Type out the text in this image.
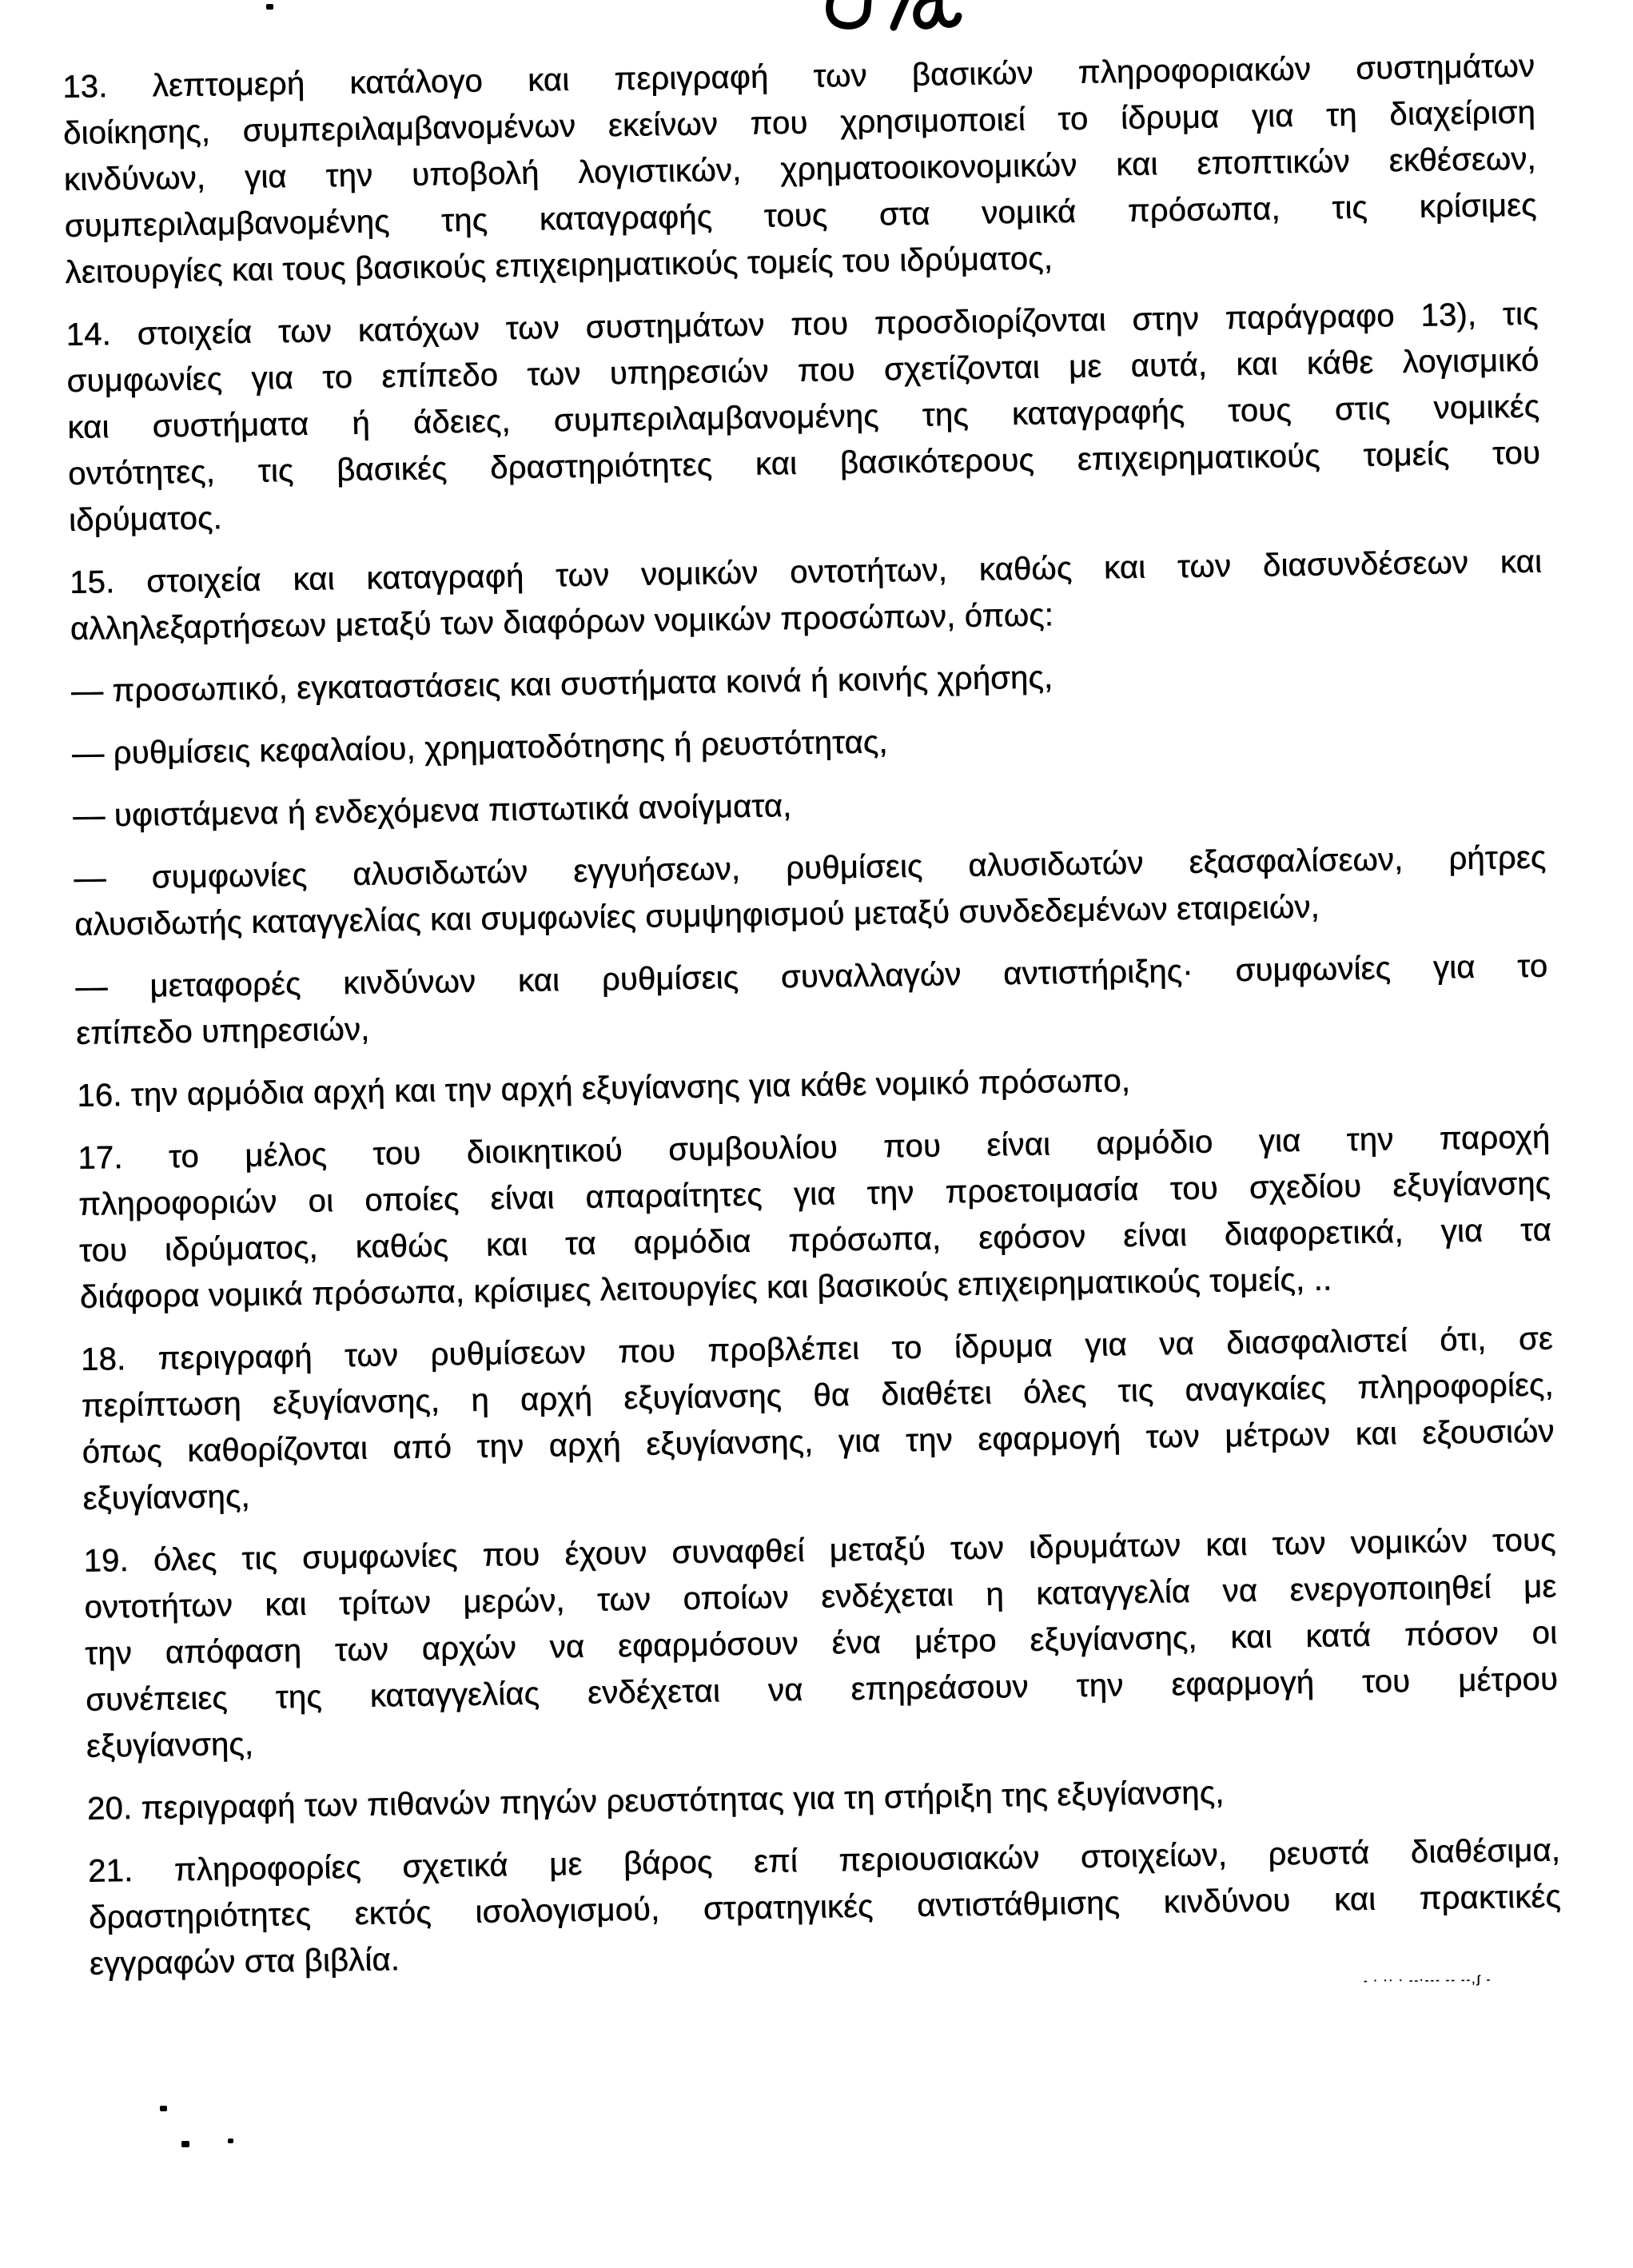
- · ·· · --·--- -- --,ʃ -
13. λεπτομερή κατάλογο και περιγραφή των βασικών πληροφοριακών συστημάτων
διοίκησης, συμπεριλαμβανομένων εκείνων που χρησιμοποιεί το ίδρυμα για τη διαχείριση
κινδύνων, για την υποβολή λογιστικών, χρηματοοικονομικών και εποπτικών εκθέσεων,
συμπεριλαμβανομένης της καταγραφής τους στα νομικά πρόσωπα, τις κρίσιμες
λειτουργίες και τους βασικούς επιχειρηματικούς τομείς του ιδρύματος,
14. στοιχεία των κατόχων των συστημάτων που προσδιορίζονται στην παράγραφο 13), τις
συμφωνίες για το επίπεδο των υπηρεσιών που σχετίζονται με αυτά, και κάθε λογισμικό
και συστήματα ή άδειες, συμπεριλαμβανομένης της καταγραφής τους στις νομικές
οντότητες, τις βασικές δραστηριότητες και βασικότερους επιχειρηματικούς τομείς του
ιδρύματος.
15. στοιχεία και καταγραφή των νομικών οντοτήτων, καθώς και των διασυνδέσεων και
αλληλεξαρτήσεων μεταξύ των διαφόρων νομικών προσώπων, όπως:
— προσωπικό, εγκαταστάσεις και συστήματα κοινά ή κοινής χρήσης,
— ρυθμίσεις κεφαλαίου, χρηματοδότησης ή ρευστότητας,
— υφιστάμενα ή ενδεχόμενα πιστωτικά ανοίγματα,
— συμφωνίες αλυσιδωτών εγγυήσεων, ρυθμίσεις αλυσιδωτών εξασφαλίσεων, ρήτρες
αλυσιδωτής καταγγελίας και συμφωνίες συμψηφισμού μεταξύ συνδεδεμένων εταιρειών,
— μεταφορές κινδύνων και ρυθμίσεις συναλλαγών αντιστήριξης· συμφωνίες για το
επίπεδο υπηρεσιών,
16. την αρμόδια αρχή και την αρχή εξυγίανσης για κάθε νομικό πρόσωπο,
17. το μέλος του διοικητικού συμβουλίου που είναι αρμόδιο για την παροχή
πληροφοριών οι οποίες είναι απαραίτητες για την προετοιμασία του σχεδίου εξυγίανσης
του ιδρύματος, καθώς και τα αρμόδια πρόσωπα, εφόσον είναι διαφορετικά, για τα
διάφορα νομικά πρόσωπα, κρίσιμες λειτουργίες και βασικούς επιχειρηματικούς τομείς, ..
18. περιγραφή των ρυθμίσεων που προβλέπει το ίδρυμα για να διασφαλιστεί ότι, σε
περίπτωση εξυγίανσης, η αρχή εξυγίανσης θα διαθέτει όλες τις αναγκαίες πληροφορίες,
όπως καθορίζονται από την αρχή εξυγίανσης, για την εφαρμογή των μέτρων και εξουσιών
εξυγίανσης,
19. όλες τις συμφωνίες που έχουν συναφθεί μεταξύ των ιδρυμάτων και των νομικών τους
οντοτήτων και τρίτων μερών, των οποίων ενδέχεται η καταγγελία να ενεργοποιηθεί με
την απόφαση των αρχών να εφαρμόσουν ένα μέτρο εξυγίανσης, και κατά πόσον οι
συνέπειες της καταγγελίας ενδέχεται να επηρεάσουν την εφαρμογή του μέτρου
εξυγίανσης,
20. περιγραφή των πιθανών πηγών ρευστότητας για τη στήριξη της εξυγίανσης,
21. πληροφορίες σχετικά με βάρος επί περιουσιακών στοιχείων, ρευστά διαθέσιμα,
δραστηριότητες εκτός ισολογισμού, στρατηγικές αντιστάθμισης κινδύνου και πρακτικές
εγγραφών στα βιβλία.
